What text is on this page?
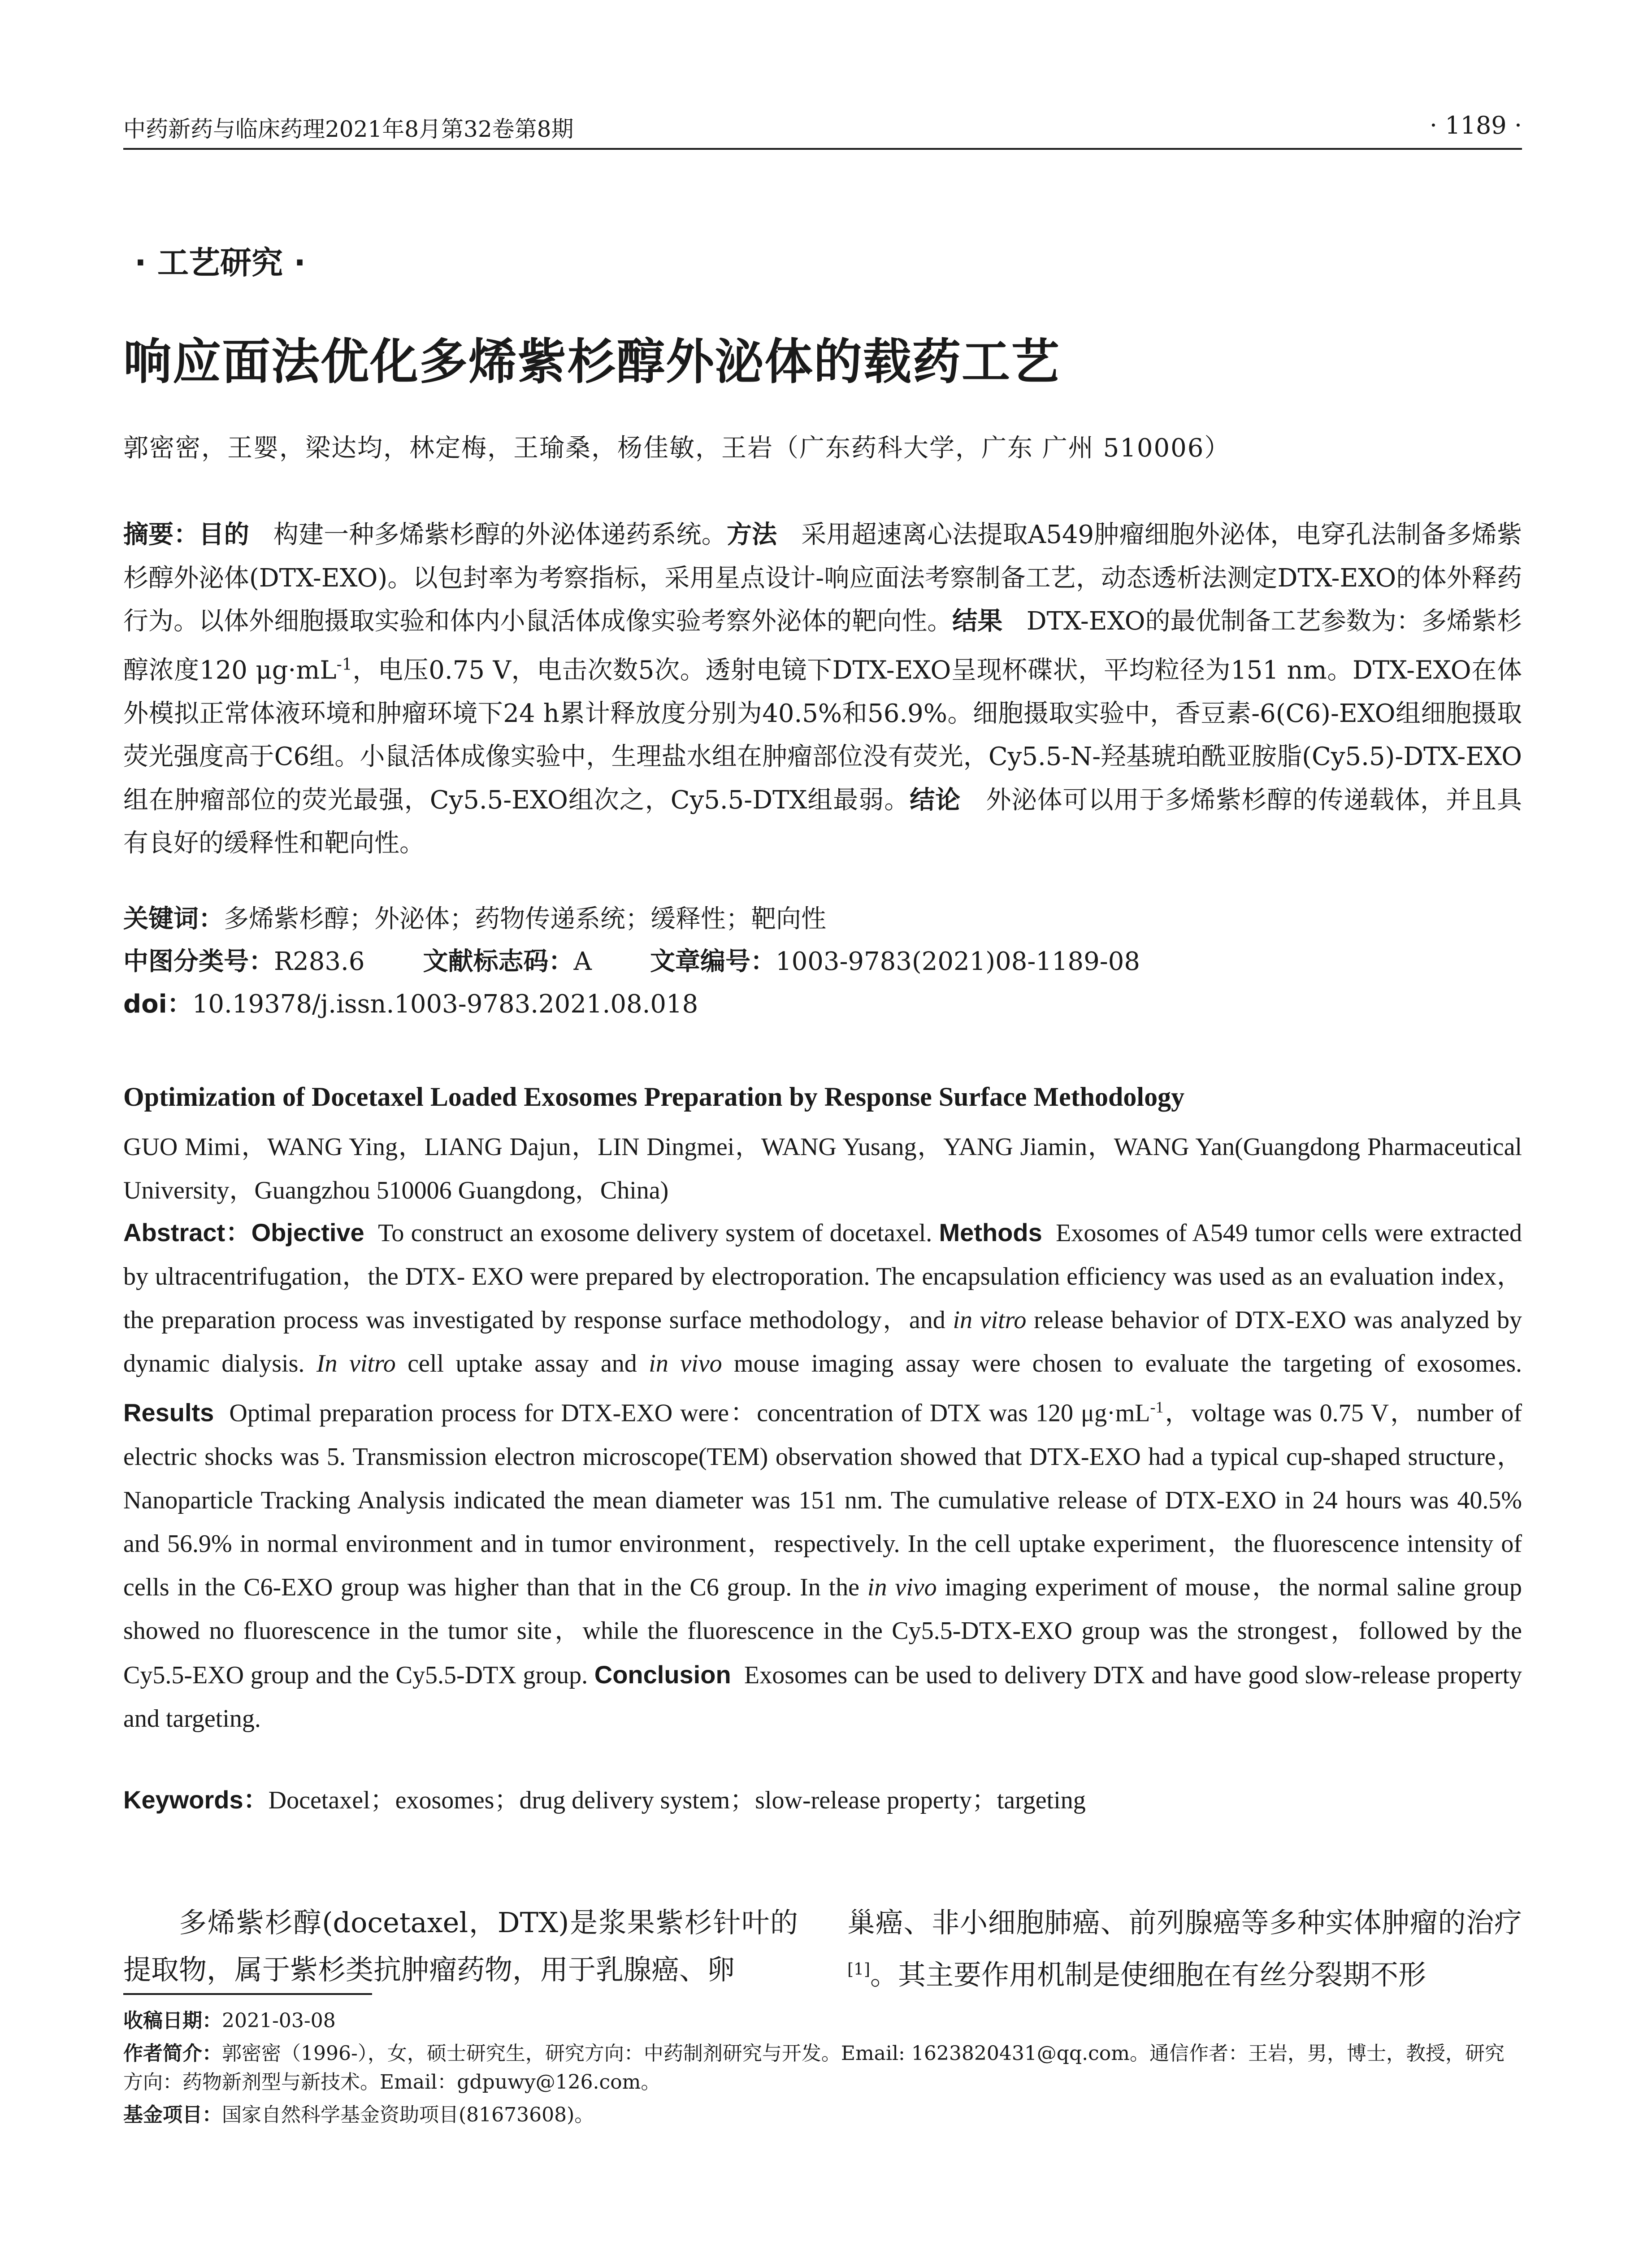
中药新药与临床药理2021年8月第32卷第8期	· 1189 ·
· 工艺研究 ·
响应面法优化多烯紫杉醇外泌体的载药工艺
郭密密，王婴，梁达均，林定梅，王瑜桑，杨佳敏，王岩（广东药科大学，广东 广州 510006）
摘要：目的 构建一种多烯紫杉醇的外泌体递药系统。方法 采用超速离心法提取A549肿瘤细胞外泌体，电穿孔法制备多烯紫杉醇外泌体(DTX-EXO)。以包封率为考察指标，采用星点设计-响应面法考察制备工艺，动态透析法测定DTX-EXO的体外释药行为。以体外细胞摄取实验和体内小鼠活体成像实验考察外泌体的靶向性。结果 DTX-EXO的最优制备工艺参数为：多烯紫杉醇浓度120 $\mu g\cdot mL^{-1}$，电压0.75 V，电击次数5次。透射电镜下DTX-EXO呈现杯碟状，平均粒径为151 nm。DTX-EXO在体外模拟正常体液环境和肿瘤环境下24 h累计释放度分别为40.5%和56.9%。细胞摄取实验中，香豆素-6(C6)-EXO组细胞摄取荧光强度高于C6组。小鼠活体成像实验中，生理盐水组在肿瘤部位没有荧光，Cy5.5-N-羟基琥珀酰亚胺脂(Cy5.5)-DTX-EXO组在肿瘤部位的荧光最强，Cy5.5-EXO组次之，Cy5.5-DTX组最弱。结论 外泌体可以用于多烯紫杉醇的传递载体，并且具有良好的缓释性和靶向性。
关键词：多烯紫杉醇；外泌体；药物传递系统；缓释性；靶向性
中图分类号：R283.6 文献标志码：A 文章编号：1003-9783(2021)08-1189-08
doi：10.19378/j.issn.1003-9783.2021.08.018
Optimization of Docetaxel Loaded Exosomes Preparation by Response Surface Methodology
GUO Mimi，WANG Ying，LIANG Dajun，LIN Dingmei，WANG Yusang，YANG Jiamin，WANG Yan(Guangdong Pharmaceutical University，Guangzhou 510006 Guangdong，China)
Abstract：Objective To construct an exosome delivery system of docetaxel. Methods Exosomes of A549 tumor cells were extracted by ultracentrifugation，the DTX- EXO were prepared by electroporation. The encapsulation efficiency was used as an evaluation index，the preparation process was investigated by response surface methodology，and in vitro release behavior of DTX-EXO was analyzed by dynamic dialysis. In vitro cell uptake assay and in vivo mouse imaging assay were chosen to evaluate the targeting of exosomes. Results Optimal preparation process for DTX-EXO were：concentration of DTX was 120 $\mu g\cdot mL^{-1}$，voltage was 0.75 V，number of electric shocks was 5. Transmission electron microscope(TEM) observation showed that DTX-EXO had a typical cup-shaped structure，Nanoparticle Tracking Analysis indicated the mean diameter was 151 nm. The cumulative release of DTX-EXO in 24 hours was 40.5% and 56.9% in normal environment and in tumor environment，respectively. In the cell uptake experiment，the fluorescence intensity of cells in the C6-EXO group was higher than that in the C6 group. In the in vivo imaging experiment of mouse，the normal saline group showed no fluorescence in the tumor site，while the fluorescence in the Cy5.5-DTX-EXO group was the strongest，followed by the Cy5.5-EXO group and the Cy5.5-DTX group. Conclusion Exosomes can be used to delivery DTX and have good slow-release property and targeting.
Keywords：Docetaxel；exosomes；drug delivery system；slow-release property；targeting
多烯紫杉醇(docetaxel，DTX)是浆果紫杉针叶的提取物，属于紫杉类抗肿瘤药物，用于乳腺癌、卵
巢癌、非小细胞肺癌、前列腺癌等多种实体肿瘤的治疗[1]。其主要作用机制是使细胞在有丝分裂期不形
收稿日期：2021-03-08
作者简介：郭密密（1996-），女，硕士研究生，研究方向：中药制剂研究与开发。Email: 1623820431@qq.com。通信作者：王岩，男，博士，教授，研究方向：药物新剂型与新技术。Email：gdpuwy@126.com。
基金项目：国家自然科学基金资助项目(81673608)。
